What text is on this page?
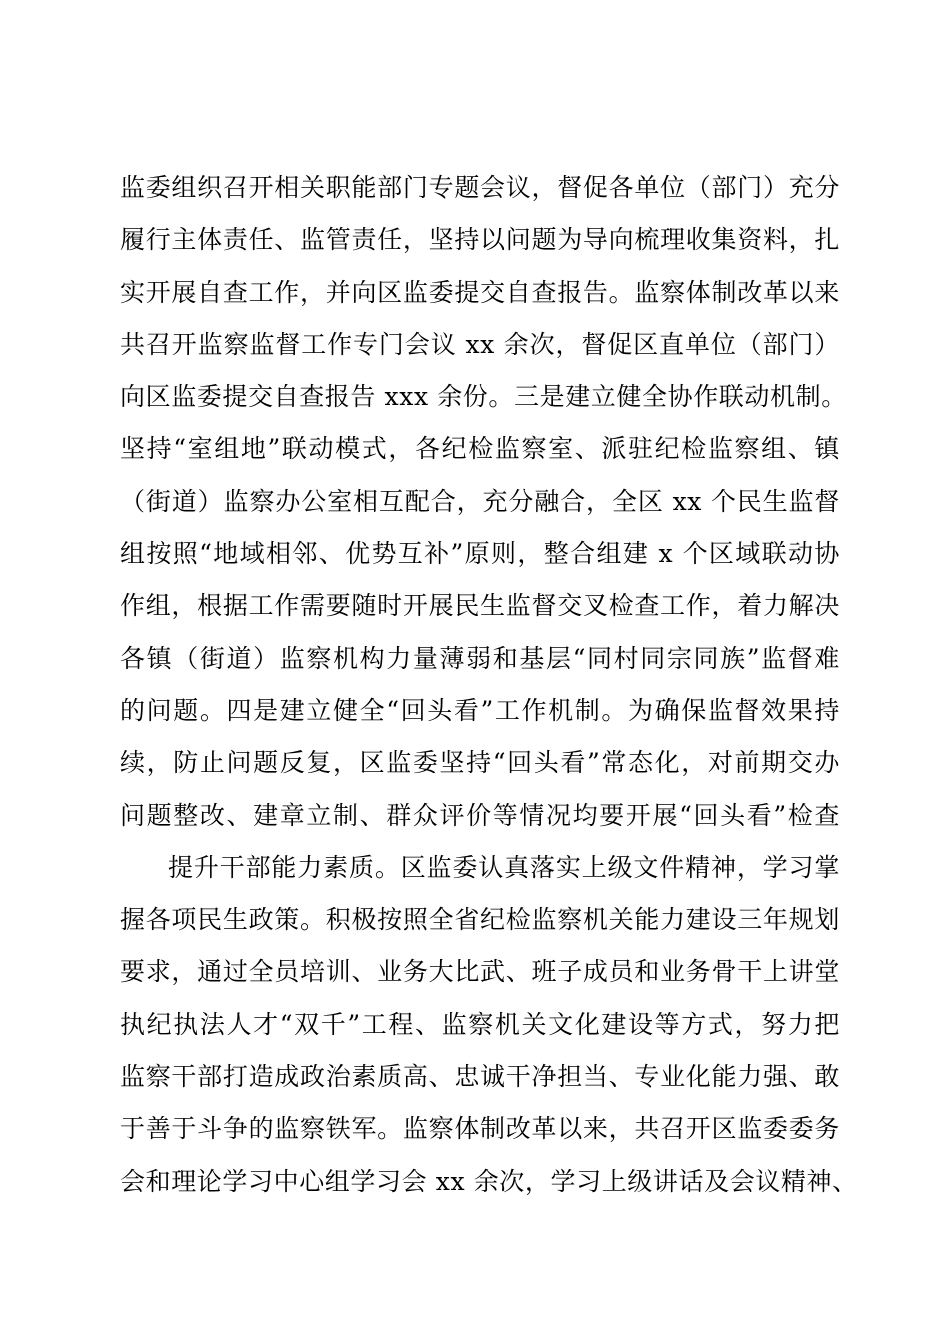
监委组织召开相关职能部门专题会议，督促各单位（部门）充分
履行主体责任、监管责任，坚持以问题为导向梳理收集资料，扎
实开展自查工作，并向区监委提交自查报告。监察体制改革以来
共召开监察监督工作专门会议 xx 余次，督促区直单位（部门）
向区监委提交自查报告 xxx 余份。三是建立健全协作联动机制。
坚持“室组地”联动模式，各纪检监察室、派驻纪检监察组、镇
（街道）监察办公室相互配合，充分融合，全区 xx 个民生监督
组按照“地域相邻、优势互补”原则，整合组建 x 个区域联动协
作组，根据工作需要随时开展民生监督交叉检查工作，着力解决
各镇（街道）监察机构力量薄弱和基层“同村同宗同族”监督难
的问题。四是建立健全“回头看”工作机制。为确保监督效果持
续，防止问题反复，区监委坚持“回头看”常态化，对前期交办
问题整改、建章立制、群众评价等情况均要开展“回头看”检查
提升干部能力素质。区监委认真落实上级文件精神，学习掌
握各项民生政策。积极按照全省纪检监察机关能力建设三年规划
要求，通过全员培训、业务大比武、班子成员和业务骨干上讲堂
执纪执法人才“双千”工程、监察机关文化建设等方式，努力把
监察干部打造成政治素质高、忠诚干净担当、专业化能力强、敢
于善于斗争的监察铁军。监察体制改革以来，共召开区监委委务
会和理论学习中心组学习会 xx 余次，学习上级讲话及会议精神、
